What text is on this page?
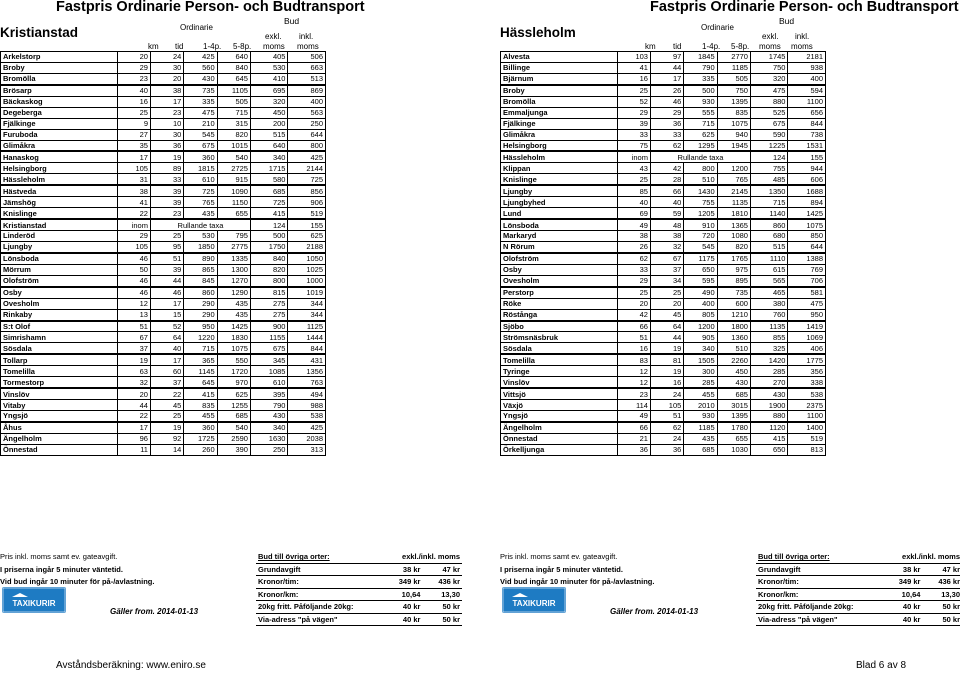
Fastpris Ordinarie Person- och Budtransport
Kristianstad
Bud
Ordinarie
exkl. inkl.
km tid 1-4p. 5-8p. moms moms
Arkelstorp	20	24	425	640	405	506
Broby	29	30	560	840	530	663
Bromölla	23	20	430	645	410	513
Brösarp	40	38	735	1105	695	869
Bäckaskog	16	17	335	505	320	400
Degeberga	25	23	475	715	450	563
Fjälkinge	9	10	210	315	200	250
Furuboda	27	30	545	820	515	644
Glimåkra	35	36	675	1015	640	800
Hanaskog	17	19	360	540	340	425
Helsingborg	105	89	1815	2725	1715	2144
Hässleholm	31	33	610	915	580	725
Hästveda	38	39	725	1090	685	856
Jämshög	41	39	765	1150	725	906
Knislinge	22	23	435	655	415	519
Kristianstad	inom	Rullande taxa			124	155
Linderöd	29	25	530	795	500	625
Ljungby	105	95	1850	2775	1750	2188
Lönsboda	46	51	890	1335	840	1050
Mörrum	50	39	865	1300	820	1025
Olofström	46	44	845	1270	800	1000
Osby	46	46	860	1290	815	1019
Ovesholm	12	17	290	435	275	344
Rinkaby	13	15	290	435	275	344
S:t Olof	51	52	950	1425	900	1125
Simrishamn	67	64	1220	1830	1155	1444
Sösdala	37	40	715	1075	675	844
Tollarp	19	17	365	550	345	431
Tomelilla	63	60	1145	1720	1085	1356
Tormestorp	32	37	645	970	610	763
Vinslöv	20	22	415	625	395	494
Vitaby	44	45	835	1255	790	988
Yngsjö	22	25	455	685	430	538
Åhus	17	19	360	540	340	425
Ängelholm	96	92	1725	2590	1630	2038
Önnestad	11	14	260	390	250	313
Fastpris Ordinarie Person- och Budtransport
Hässleholm
Bud
Ordinarie
exkl. inkl.
km tid	1-4p. 5-8p. moms moms
Alvesta	103	97	1845	2770	1745	2181
Billinge	41	44	790	1185	750	938
Bjärnum	16	17	335	505	320	400
Broby	25	26	500	750	475	594
Bromölla	52	46	930	1395	880	1100
Emmaljunga	29	29	555	835	525	656
Fjälkinge	39	36	715	1075	675	844
Glimåkra	33	33	625	940	590	738
Helsingborg	75	62	1295	1945	1225	1531
Hässleholm	inom	Rullande taxa			124	155
Klippan	43	42	800	1200	755	944
Knislinge	25	28	510	765	485	606
Ljungby	85	66	1430	2145	1350	1688
Ljungbyhed	40	40	755	1135	715	894
Lund	69	59	1205	1810	1140	1425
Lönsboda	49	48	910	1365	860	1075
Markaryd	38	38	720	1080	680	850
N Rörum	26	32	545	820	515	644
Olofström	62	67	1175	1765	1110	1388
Osby	33	37	650	975	615	769
Ovesholm	29	34	595	895	565	706
Perstorp	25	25	490	735	465	581
Röke	20	20	400	600	380	475
Röstånga	42	45	805	1210	760	950
Sjöbo	66	64	1200	1800	1135	1419
Strömsnäsbruk	51	44	905	1360	855	1069
Sösdala	16	19	340	510	325	406
Tomelilla	83	81	1505	2260	1420	1775
Tyringe	12	19	300	450	285	356
Vinslöv	12	16	285	430	270	338
Vittsjö	23	24	455	685	430	538
Växjö	114	105	2010	3015	1900	2375
Yngsjö	49	51	930	1395	880	1100
Ängelholm	66	62	1185	1780	1120	1400
Önnestad	21	24	435	655	415	519
Örkelljunga	36	36	685	1030	650	813
Pris inkl. moms samt ev. gateavgift.
I priserna ingår 5 minuter väntetid.
Vid bud ingår 10 minuter för på-/avlastning.
TAXIKURIR
Gäller from. 2014-01-13
Bud till övriga orter:	exkl./inkl. moms	
Grundavgift	38 kr	47 kr
Kronor/tim:	349 kr	436 kr
Kronor/km:	10,64	13,30
20kg fritt. Påföljande 20kg:	40 kr	50 kr
Via-adress "på vägen"	40 kr	50 kr
Pris inkl. moms samt ev. gateavgift.
I priserna ingår 5 minuter väntetid.
Vid bud ingår 10 minuter för på-/avlastning.
TAXIKURIR
Gäller from. 2014-01-13
Bud till övriga orter:	exkl./inkl. moms	
Grundavgift	38 kr	47 kr
Kronor/tim:	349 kr	436 kr
Kronor/km:	10,64	13,30
20kg fritt. Påföljande 20kg:	40 kr	50 kr
Via-adress "på vägen"	40 kr	50 kr
Avståndsberäkning: www.eniro.se	Blad 6 av 8
